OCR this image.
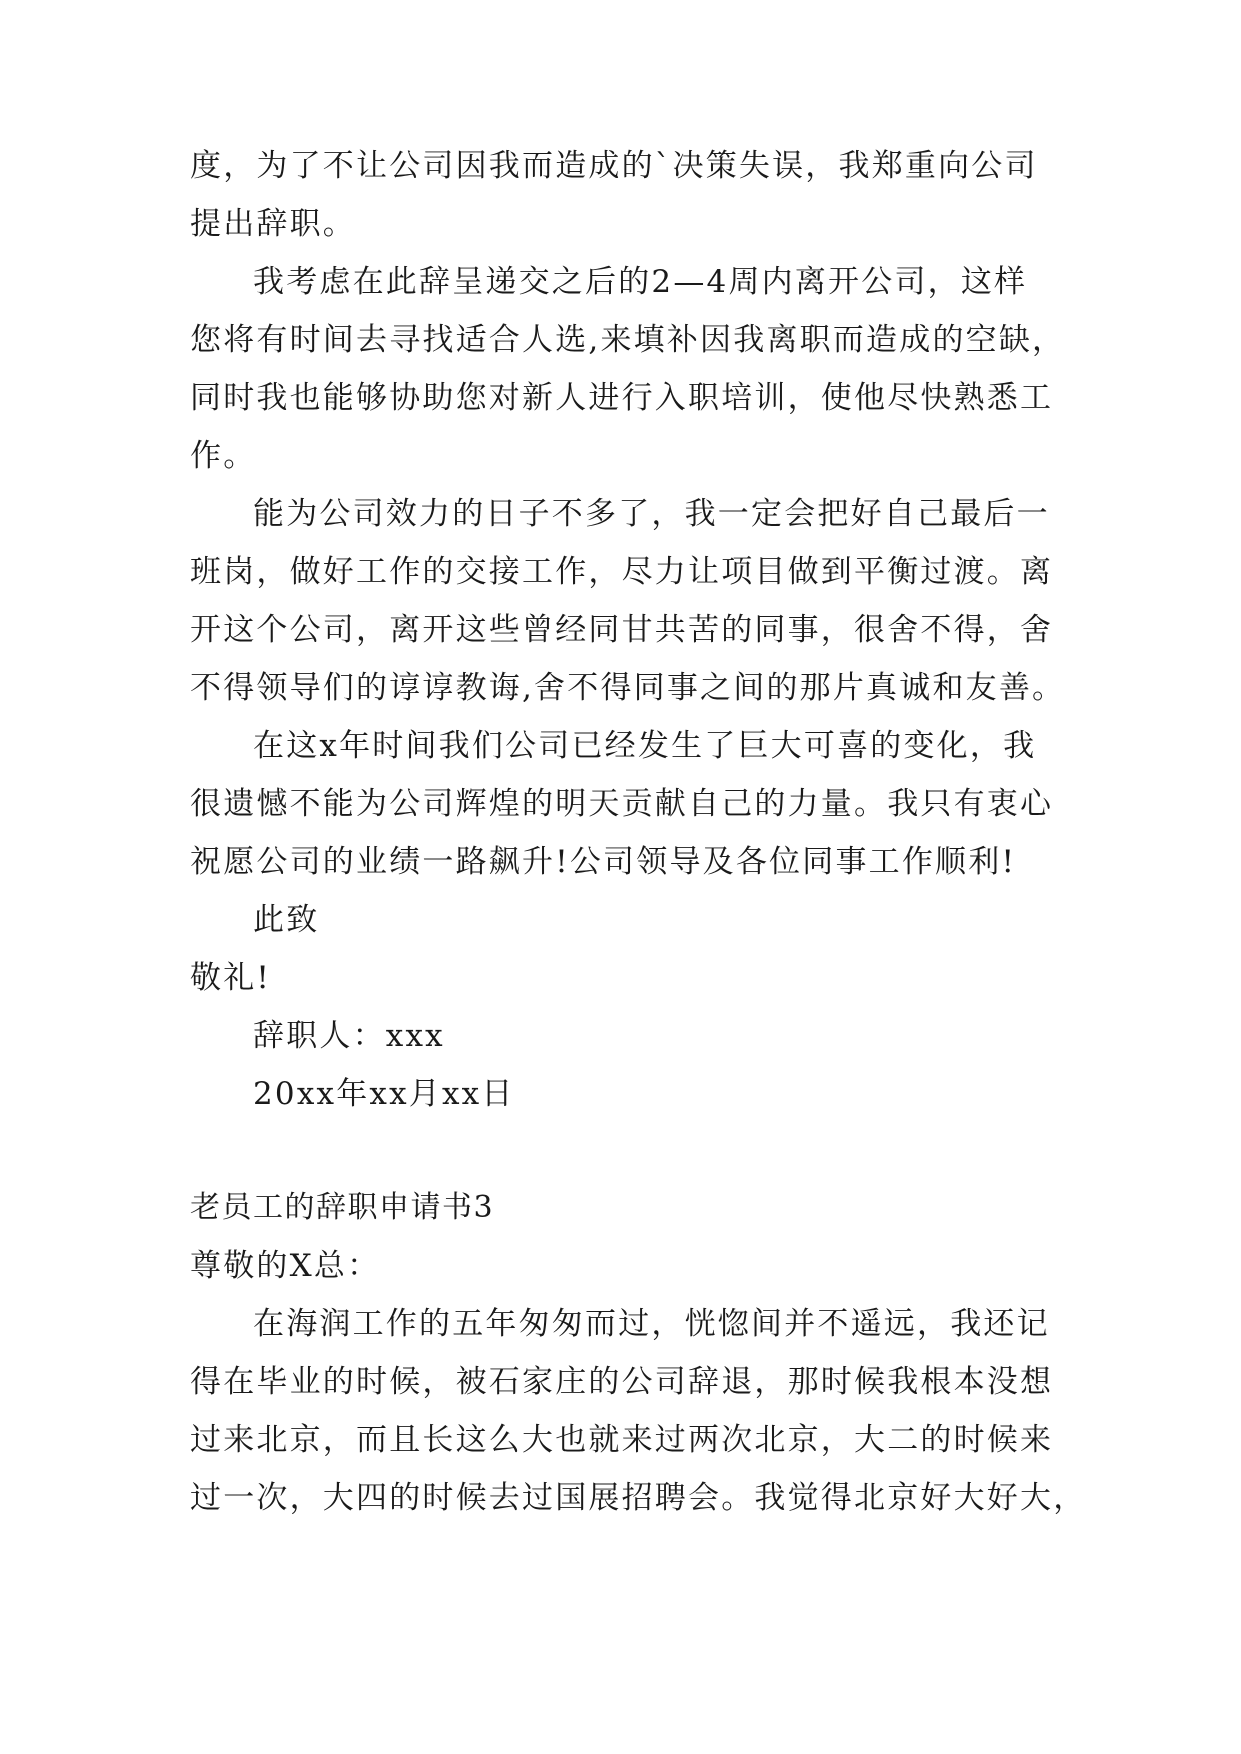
度，为了不让公司因我而造成的`决策失误，我郑重向公司
提出辞职。
我考虑在此辞呈递交之后的2—4周内离开公司，这样
您将有时间去寻找适合人选,来填补因我离职而造成的空缺，
同时我也能够协助您对新人进行入职培训，使他尽快熟悉工
作。
能为公司效力的日子不多了，我一定会把好自己最后一
班岗，做好工作的交接工作，尽力让项目做到平衡过渡。离
开这个公司，离开这些曾经同甘共苦的同事，很舍不得，舍
不得领导们的谆谆教诲,舍不得同事之间的那片真诚和友善。
在这x年时间我们公司已经发生了巨大可喜的变化，我
很遗憾不能为公司辉煌的明天贡献自己的力量。我只有衷心
祝愿公司的业绩一路飙升!公司领导及各位同事工作顺利!
此致
敬礼!
辞职人：xxx
20xx年xx月xx日
老员工的辞职申请书3
尊敬的X总：
在海润工作的五年匆匆而过，恍惚间并不遥远，我还记
得在毕业的时候，被石家庄的公司辞退，那时候我根本没想
过来北京，而且长这么大也就来过两次北京，大二的时候来
过一次，大四的时候去过国展招聘会。我觉得北京好大好大，
